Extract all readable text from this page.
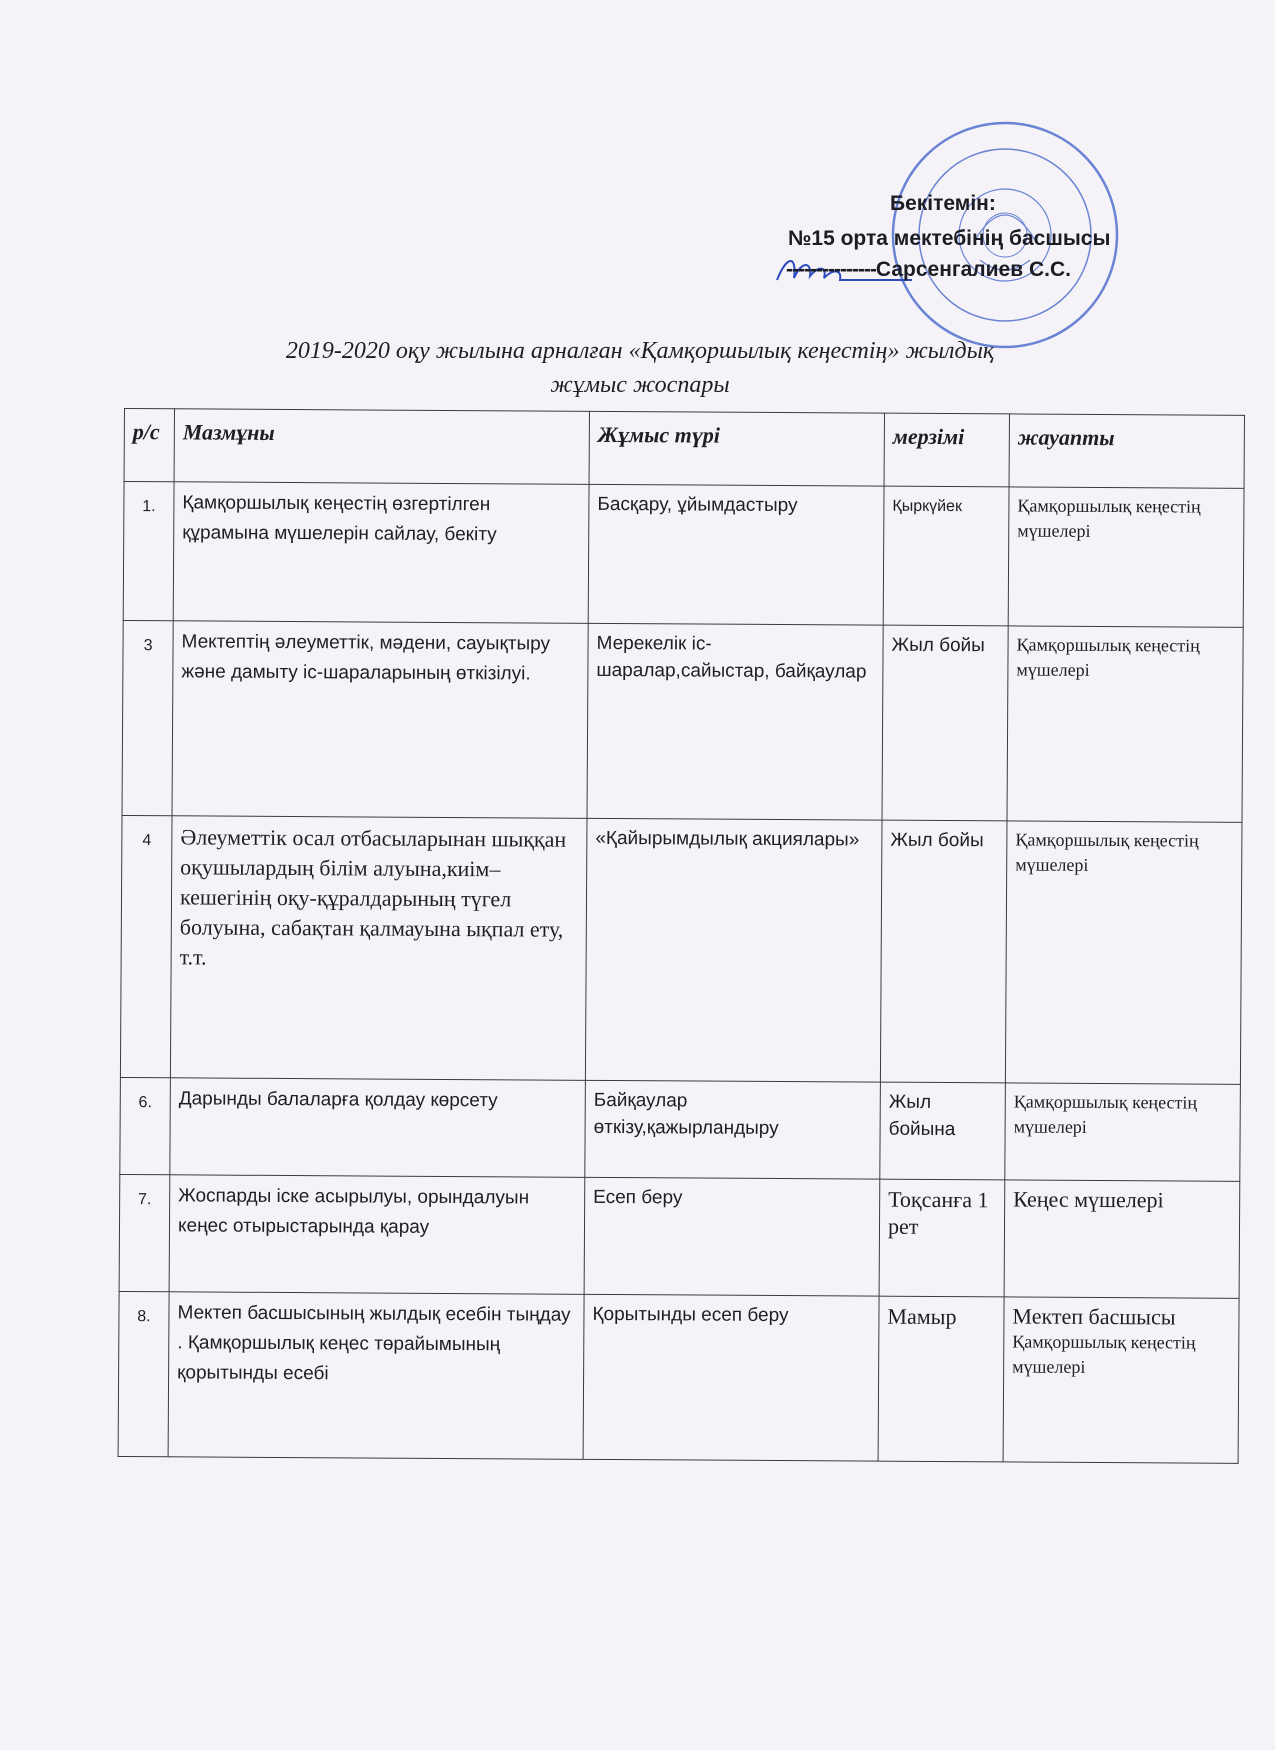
Бекітемін:
№15 орта мектебінің басшысы
---------------Сарсенгалиев С.С.
2019-2020 оқу жылына арналған «Қамқоршылық кеңестің» жылдық
жұмыс жоспары
р/с	Мазмұны	Жұмыс түрі	мерзімі	жауапты
1.	Қамқоршылық кеңестің өзгертілген құрамына мүшелерін сайлау, бекіту	Басқару, ұйымдастыру	Қыркүйек	Қамқоршылық кеңестің мүшелері
3	Мектептің әлеуметтік, мәдени, сауықтыру және дамыту іс-шараларының өткізілуі.	Мерекелік іс-шаралар,сайыстар, байқаулар	Жыл бойы	Қамқоршылық кеңестің мүшелері
4	Әлеуметтік осал отбасыларынан шыққан оқушылардың білім алуына,киім–кешегінің оқу-құралдарының түгел болуына, сабақтан қалмауына ықпал ету, т.т.	«Қайырымдылық акциялары»	Жыл бойы	Қамқоршылық кеңестің мүшелері
6.	Дарынды балаларға қолдау көрсету	Байқаулар өткізу,қажырландыру	Жыл бойына	Қамқоршылық кеңестің мүшелері
7.	Жоспарды іске асырылуы, орындалуын кеңес отырыстарында қарау	Есеп беру	Тоқсанға 1 рет	Кеңес мүшелері

8.	Мектеп басшысының жылдық есебін тыңдау . Қамқоршылық кеңес төрайымының қорытынды есебі	Қорытынды есеп беру	Мамыр	Мектеп басшысы
Қамқоршылық кеңестің мүшелері
